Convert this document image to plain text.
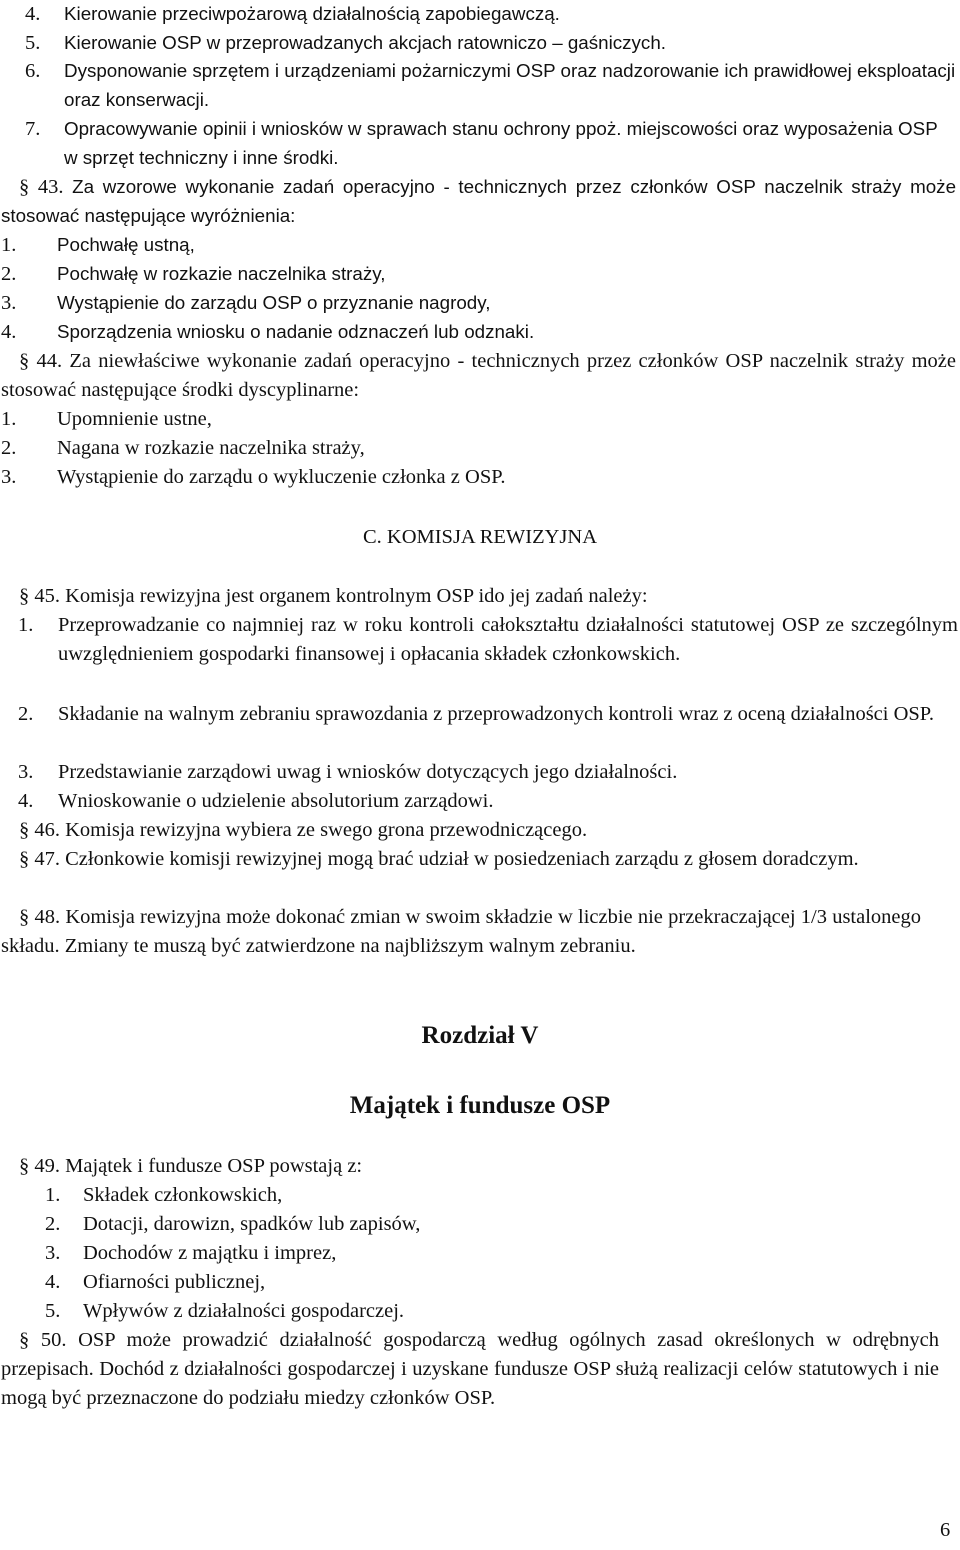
4.	Kierowanie przeciwpożarową działalnością zapobiegawczą.
5.	Kierowanie OSP w przeprowadzanych akcjach ratowniczo – gaśniczych.
6.	Dysponowanie sprzętem i urządzeniami pożarniczymi OSP oraz nadzorowanie ich prawidłowej eksploatacji oraz konserwacji.
7.	Opracowywanie opinii i wniosków w sprawach stanu ochrony ppoż. miejscowości oraz wyposażenia OSP w sprzęt techniczny i inne środki.
§ 43. Za wzorowe wykonanie zadań operacyjno - technicznych przez członków OSP naczelnik straży może stosować następujące wyróżnienia:
1.	Pochwałę ustną,
2.	Pochwałę w rozkazie naczelnika straży,
3.	Wystąpienie do zarządu OSP o przyznanie nagrody,
4.	Sporządzenia wniosku o nadanie odznaczeń lub odznaki.
§ 44. Za niewłaściwe wykonanie zadań operacyjno - technicznych przez członków OSP naczelnik straży może stosować następujące środki dyscyplinarne:
1.	Upomnienie ustne,
2.	Nagana w rozkazie naczelnika straży,
3.	Wystąpienie do zarządu o wykluczenie członka z OSP.
C. KOMISJA REWIZYJNA
§ 45. Komisja rewizyjna jest organem kontrolnym OSP ido jej zadań należy:
1.	Przeprowadzanie co najmniej raz w roku kontroli całokształtu działalności statutowej OSP ze szczególnym uwzględnieniem gospodarki finansowej i opłacania składek członkowskich.
2.	Składanie na walnym zebraniu sprawozdania z przeprowadzonych kontroli wraz z oceną działalności OSP.
3.	Przedstawianie zarządowi uwag i wniosków dotyczących jego działalności.
4.	Wnioskowanie o udzielenie absolutorium zarządowi.
§ 46. Komisja rewizyjna wybiera ze swego grona przewodniczącego.
§ 47. Członkowie komisji rewizyjnej mogą brać udział w posiedzeniach zarządu z głosem doradczym.
§ 48. Komisja rewizyjna może dokonać zmian w swoim składzie w liczbie nie przekraczającej 1/3 ustalonego składu. Zmiany te muszą być zatwierdzone na najbliższym walnym zebraniu.
Rozdział V
Majątek i fundusze OSP
§ 49. Majątek i fundusze OSP powstają z:
1.	Składek członkowskich,
2.	Dotacji, darowizn, spadków lub zapisów,
3.	Dochodów z majątku i imprez,
4.	Ofiarności publicznej,
5.	Wpływów z działalności gospodarczej.
§ 50. OSP może prowadzić działalność gospodarczą według ogólnych zasad określonych w odrębnych przepisach. Dochód z działalności gospodarczej i uzyskane fundusze OSP służą realizacji celów statutowych i nie mogą być przeznaczone do podziału miedzy członków OSP.
6
